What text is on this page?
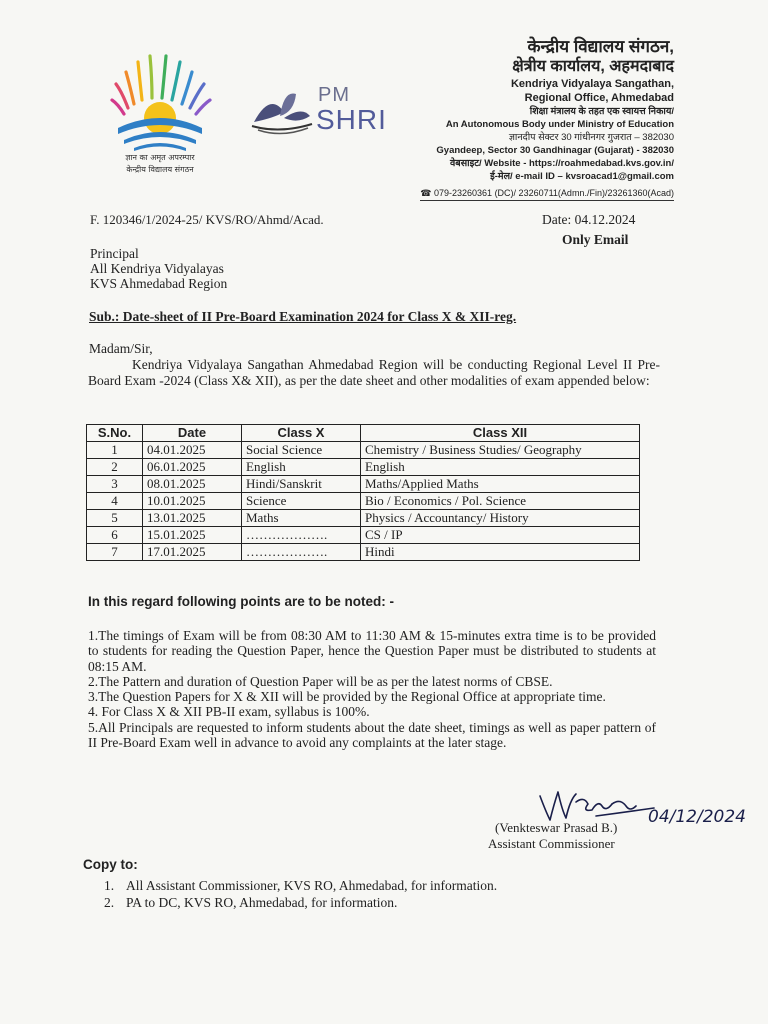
ज्ञान का अमृत अपरम्पार
केन्द्रीय विद्यालय संगठन
PM
SHRI
केन्द्रीय विद्यालय संगठन,
क्षेत्रीय कार्यालय, अहमदाबाद
Kendriya Vidyalaya Sangathan,
Regional Office, Ahmedabad
शिक्षा मंत्रालय के तहत एक स्वायत्त निकाय/
An Autonomous Body under Ministry of Education
ज्ञानदीप सेक्टर 30 गांधीनगर गुजरात – 382030
Gyandeep, Sector 30 Gandhinagar (Gujarat) - 382030
वेबसाइट/ Website - https://roahmedabad.kvs.gov.in/
ई-मेल/ e-mail ID – kvsroacad1@gmail.com
☎ 079-23260361 (DC)/ 23260711(Admn./Fin)/23261360(Acad)
F. 120346/1/2024-25/ KVS/RO/Ahmd/Acad.	Date: 04.12.2024
Only Email
Principal
All Kendriya Vidyalayas
KVS Ahmedabad Region
Sub.: Date-sheet of II Pre-Board Examination 2024 for Class X & XII-reg.
Madam/Sir,
Kendriya Vidyalaya Sangathan Ahmedabad Region will be conducting Regional Level II Pre-Board Exam -2024 (Class X& XII), as per the date sheet and other modalities of exam appended below:
S.No.	Date	Class X	Class XII
1	04.01.2025	Social Science	Chemistry / Business Studies/ Geography
2	06.01.2025	English	English
3	08.01.2025	Hindi/Sanskrit	Maths/Applied Maths
4	10.01.2025	Science	Bio / Economics / Pol. Science
5	13.01.2025	Maths	Physics / Accountancy/ History
6	15.01.2025	……………….	CS / IP
7	17.01.2025	……………….	Hindi
In this regard following points are to be noted: -

1.The timings of Exam will be from 08:30 AM to 11:30 AM & 15-minutes extra time is to be provided to students for reading the Question Paper, hence the Question Paper must be distributed to students at 08:15 AM.

2.The Pattern and duration of Question Paper will be as per the latest norms of CBSE.

3.The Question Papers for X & XII will be provided by the Regional Office at appropriate time.

4. For Class X & XII PB-II exam, syllabus is 100%.

5.All Principals are requested to inform students about the date sheet, timings as well as paper pattern of II Pre-Board Exam well in advance to avoid any complaints at the later stage.

04/12/2024
(Venkteswar Prasad B.)
Assistant Commissioner
Copy to:
1. All Assistant Commissioner, KVS RO, Ahmedabad, for information.
2. PA to DC, KVS RO, Ahmedabad, for information.
